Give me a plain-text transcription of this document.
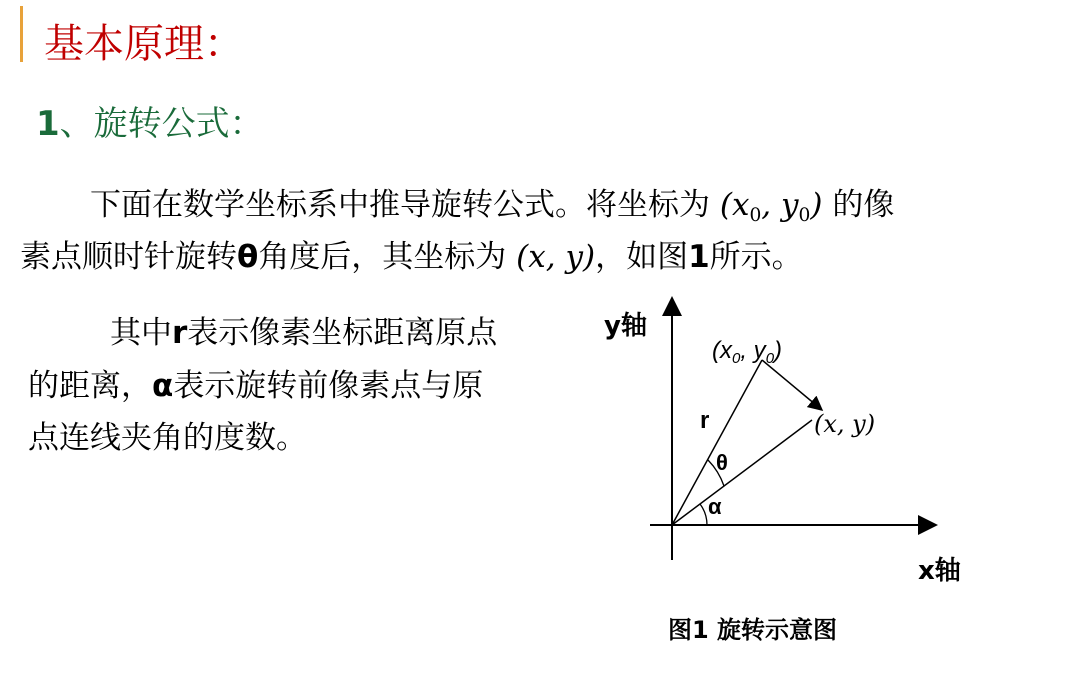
基本原理：
1、旋转公式：
下面在数学坐标系中推导旋转公式。将坐标为 ($x_0$, $y_0$) 的像
素点顺时针旋转θ角度后，其坐标为 (x, y)，如图1所示。
其中r表示像素坐标距离原点
的距离，α表示旋转前像素点与原
点连线夹角的度数。
($x_0$, $y_0$)
(x, y)
r
θ
α
y轴
x轴
图1 旋转示意图
